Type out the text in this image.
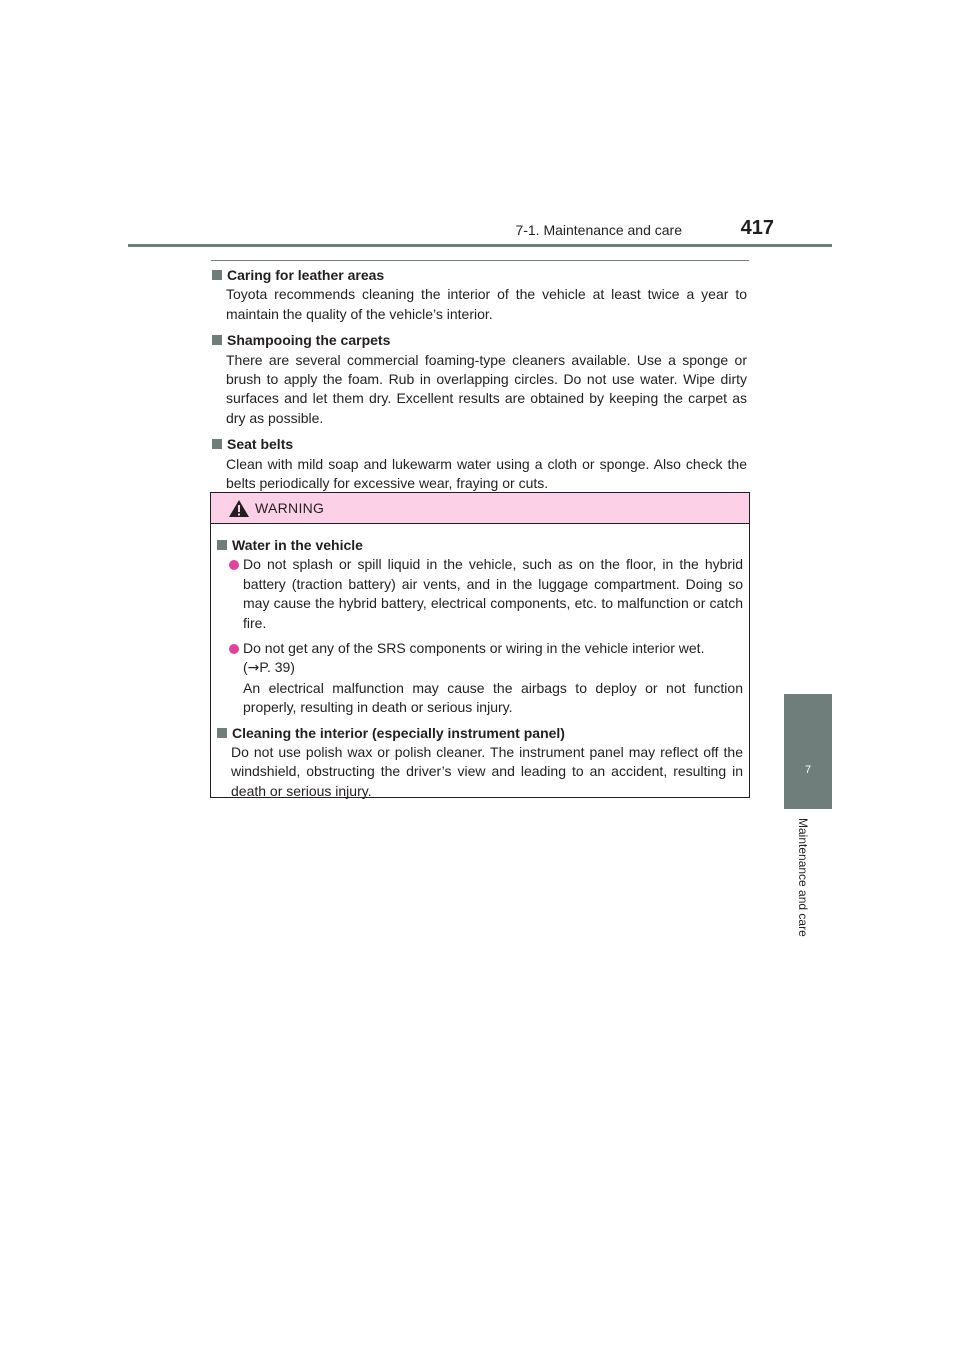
7-1. Maintenance and care	417
7
Maintenance and care
Caring for leather areas
Toyota recommends cleaning the interior of the vehicle at least twice a year to maintain the quality of the vehicle’s interior.
Shampooing the carpets
There are several commercial foaming-type cleaners available. Use a sponge or brush to apply the foam. Rub in overlapping circles. Do not use water. Wipe dirty surfaces and let them dry. Excellent results are obtained by keeping the carpet as dry as possible.
Seat belts
Clean with mild soap and lukewarm water using a cloth or sponge. Also check the belts periodically for excessive wear, fraying or cuts.
WARNING
Water in the vehicle
Do not splash or spill liquid in the vehicle, such as on the floor, in the hybrid battery (traction battery) air vents, and in the luggage compartment. Doing so may cause the hybrid battery, electrical components, etc. to malfunction or catch fire.
Do not get any of the SRS components or wiring in the vehicle interior wet.
(→P. 39)
An electrical malfunction may cause the airbags to deploy or not function properly, resulting in death or serious injury.
Cleaning the interior (especially instrument panel)
Do not use polish wax or polish cleaner. The instrument panel may reflect off the windshield, obstructing the driver’s view and leading to an accident, resulting in death or serious injury.
